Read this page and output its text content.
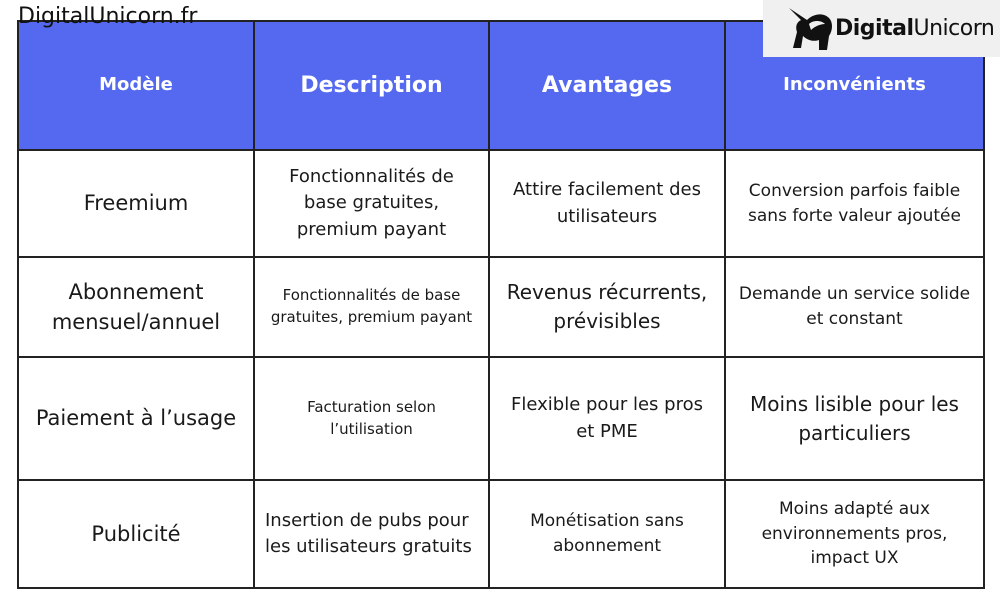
DigitalUnicorn.fr	DigitalUnicorn
Modèle	Description	Avantages	Inconvénients
Freemium	Fonctionnalités de base gratuites, premium payant	Attire facilement des utilisateurs	Conversion parfois faible sans forte valeur ajoutée
Abonnement mensuel/annuel	Fonctionnalités de base gratuites, premium payant	Revenus récurrents, prévisibles	Demande un service solide et constant
Paiement à l’usage	Facturation selon l’utilisation	Flexible pour les pros et PME	Moins lisible pour les particuliers
Publicité	Insertion de pubs pour les utilisateurs gratuits	Monétisation sans abonnement	Moins adapté aux environnements pros, impact UX
